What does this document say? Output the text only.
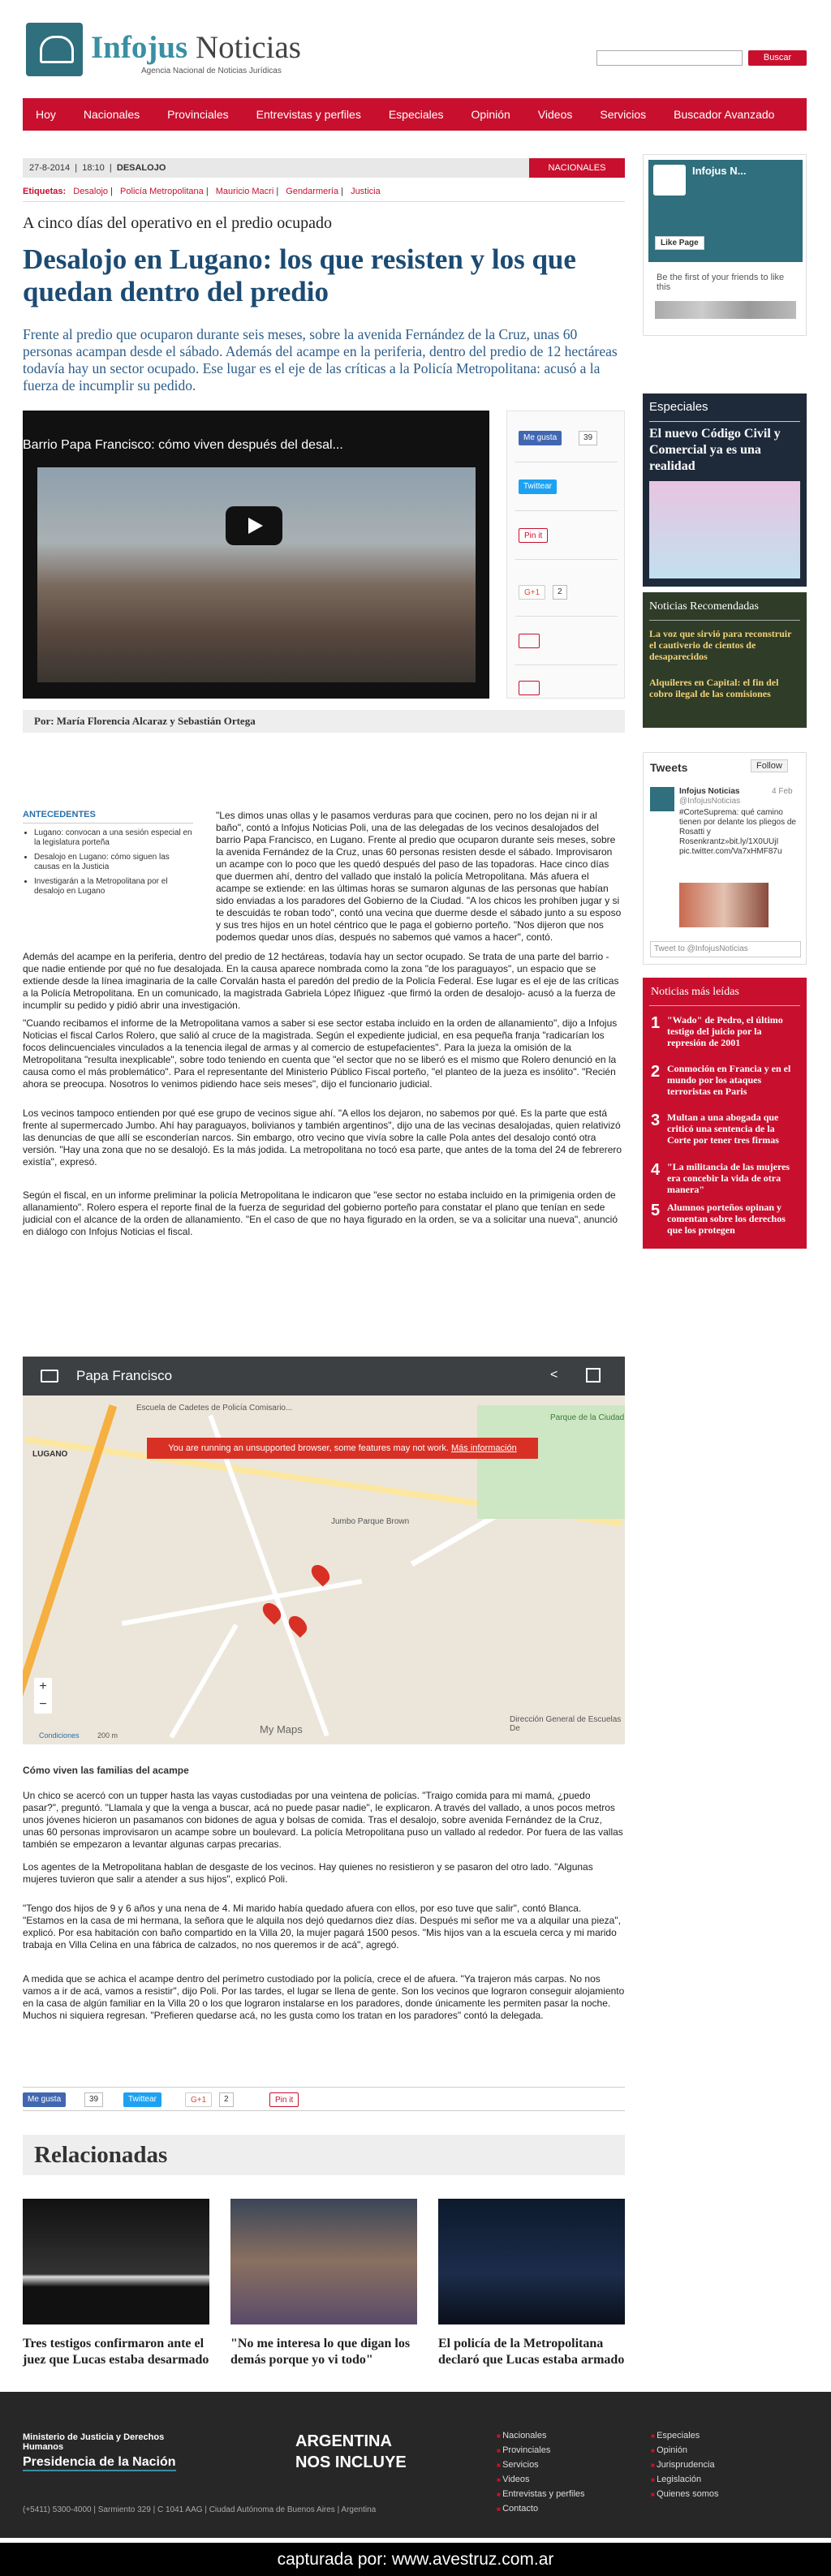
Infojus Noticias
Agencia Nacional de Noticias Jurídicas
Buscar
Hoy Nacionales Provinciales Entrevistas y perfiles Especiales Opinión Videos Servicios Buscador Avanzado
27-8-2014  |  18:10  |  DESALOJO	NACIONALES
Etiquetas: Desalojo | Policía Metropolitana | Mauricio Macri | Gendarmería | Justicia
A cinco días del operativo en el predio ocupado
Desalojo en Lugano: los que resisten y los que quedan dentro del predio
Frente al predio que ocuparon durante seis meses, sobre la avenida Fernández de la Cruz, unas 60 personas acampan desde el sábado. Además del acampe en la periferia, dentro del predio de 12 hectáreas todavía hay un sector ocupado. Ese lugar es el eje de las críticas a la Policía Metropolitana: acusó a la fuerza de incumplir su pedido.
Barrio Papa Francisco: cómo viven después del desal...
Me gusta	39
Twittear
Pin it
G+1	2
Por: María Florencia Alcaraz y Sebastián Ortega
ANTECEDENTES
• Lugano: convocan a una sesión especial en la legislatura porteña
• Desalojo en Lugano: cómo siguen las causas en la Justicia
• Investigarán a la Metropolitana por el desalojo en Lugano
"Les dimos unas ollas y le pasamos verduras para que cocinen, pero no los dejan ni ir al baño", contó a Infojus Noticias Poli, una de las delegadas de los vecinos desalojados del barrio Papa Francisco, en Lugano. Frente al predio que ocuparon durante seis meses, sobre la avenida Fernández de la Cruz, unas 60 personas resisten desde el sábado. Improvisaron un acampe con lo poco que les quedó después del paso de las topadoras. Hace cinco días que duermen ahí, dentro del vallado que instaló la policía Metropolitana. Más afuera el acampe se extiende: en las últimas horas se sumaron algunas de las personas que habían sido enviadas a los paradores del Gobierno de la Ciudad. "A los chicos les prohíben jugar y si te descuidás te roban todo", contó una vecina que duerme desde el sábado junto a su esposo y sus tres hijos en un hotel céntrico que le paga el gobierno porteño. "Nos dijeron que nos podemos quedar unos días, después no sabemos qué vamos a hacer", contó.
Además del acampe en la periferia, dentro del predio de 12 hectáreas, todavía hay un sector ocupado. Se trata de una parte del barrio -que nadie entiende por qué no fue desalojada. En la causa aparece nombrada como la zona "de los paraguayos", un espacio que se extiende desde la línea imaginaria de la calle Corvalán hasta el paredón del predio de la Policía Federal. Ese lugar es el eje de las críticas a la Policía Metropolitana. En un comunicado, la magistrada Gabriela López Iñiguez -que firmó la orden de desalojo- acusó a la fuerza de incumplir su pedido y pidió abrir una investigación.
"Cuando recibamos el informe de la Metropolitana vamos a saber si ese sector estaba incluido en la orden de allanamiento", dijo a Infojus Noticias el fiscal Carlos Rolero, que salió al cruce de la magistrada. Según el expediente judicial, en esa pequeña franja "radicarían los focos delincuenciales vinculados a la tenencia ilegal de armas y al comercio de estupefacientes". Para la jueza la omisión de la Metropolitana "resulta inexplicable", sobre todo teniendo en cuenta que "el sector que no se liberó es el mismo que Rolero denunció en la causa como el más problemático". Para el representante del Ministerio Público Fiscal porteño, "el planteo de la jueza es insólito". "Recién ahora se preocupa. Nosotros lo venimos pidiendo hace seis meses", dijo el funcionario judicial.
Los vecinos tampoco entienden por qué ese grupo de vecinos sigue ahí. "A ellos los dejaron, no sabemos por qué. Es la parte que está frente al supermercado Jumbo. Ahí hay paraguayos, bolivianos y también argentinos", dijo una de las vecinas desalojadas, quien relativizó las denuncias de que allí se esconderían narcos. Sin embargo, otro vecino que vivía sobre la calle Pola antes del desalojo contó otra versión. "Hay una zona que no se desalojó. Es la más jodida. La metropolitana no tocó esa parte, que antes de la toma del 24 de febrerero existía", expresó.
Según el fiscal, en un informe preliminar la policía Metropolitana le indicaron que "ese sector no estaba incluido en la primigenia orden de allanamiento". Rolero espera el reporte final de la fuerza de seguridad del gobierno porteño para constatar el plano que tenían en sede judicial con el alcance de la orden de allanamiento. "En el caso de que no haya figurado en la orden, se va a solicitar una nueva", anunció en diálogo con Infojus Noticias el fiscal.
Papa Francisco	<
You are running an unsupported browser, some features may not work. Más información
Escuela de Cadetes de Policía Comisario...
LUGANO
Jumbo Parque Brown
Parque de la Ciudad
Dirección General de Escuelas De
+
−
My Maps
Condiciones 200 m
Cómo viven las familias del acampe
Un chico se acercó con un tupper hasta las vayas custodiadas por una veintena de policías. "Traigo comida para mi mamá, ¿puedo pasar?", preguntó. "Llamala y que la venga a buscar, acá no puede pasar nadie", le explicaron. A través del vallado, a unos pocos metros unos jóvenes hicieron un pasamanos con bidones de agua y bolsas de comida. Tras el desalojo, sobre avenida Fernández de la Cruz, unas 60 personas improvisaron un acampe sobre un boulevard. La policía Metropolitana puso un vallado al rededor. Por fuera de las vallas también se empezaron a levantar algunas carpas precarias.
Los agentes de la Metropolitana hablan de desgaste de los vecinos. Hay quienes no resistieron y se pasaron del otro lado. "Algunas mujeres tuvieron que salir a atender a sus hijos", explicó Poli.
"Tengo dos hijos de 9 y 6 años y una nena de 4. Mi marido había quedado afuera con ellos, por eso tuve que salir", contó Blanca. "Estamos en la casa de mi hermana, la señora que le alquila nos dejó quedarnos diez días. Después mi señor me va a alquilar una pieza", explicó. Por esa habitación con baño compartido en la Villa 20, la mujer pagará 1500 pesos. "Mis hijos van a la escuela cerca y mi marido trabaja en Villa Celina en una fábrica de calzados, no nos queremos ir de acá", agregó.
A medida que se achica el acampe dentro del perímetro custodiado por la policía, crece el de afuera. "Ya trajeron más carpas. No nos vamos a ir de acá, vamos a resistir", dijo Poli. Por las tardes, el lugar se llena de gente. Son los vecinos que lograron conseguir alojamiento en la casa de algún familiar en la Villa 20 o los que lograron instalarse en los paradores, donde únicamente les permiten pasar la noche. Muchos ni siquiera regresan. "Prefieren quedarse acá, no les gusta como los tratan en los paradores" contó la delegada.
Me gusta	39	Twittear	G+1	2	Pin it
Relacionadas
Tres testigos confirmaron ante el juez que Lucas estaba desarmado
"No me interesa lo que digan los demás porque yo vi todo"
El policía de la Metropolitana declaró que Lucas estaba armado
Infojus N...
Like Page
Be the first of your friends to like this
Especiales
El nuevo Código Civil y Comercial ya es una realidad
Noticias Recomendadas
La voz que sirvió para reconstruir el cautiverio de cientos de desaparecidos
Alquileres en Capital: el fin del cobro ilegal de las comisiones
Tweets	Follow
Infojus Noticias	4 Feb
@InfojusNoticias
#CorteSuprema: qué camino tienen por delante los pliegos de Rosatti y Rosenkrantz»bit.ly/1X0UUjI pic.twitter.com/Va7xHMF87u
Tweet to @InfojusNoticias
Noticias más leídas
1 "Wado" de Pedro, el último testigo del juicio por la represión de 2001
2 Conmoción en Francia y en el mundo por los ataques terroristas en Paris
3 Multan a una abogada que criticó una sentencia de la Corte por tener tres firmas
4 "La militancia de las mujeres era concebir la vida de otra manera"
5 Alumnos porteños opinan y comentan sobre los derechos que los protegen
Ministerio de Justicia y Derechos Humanos
Presidencia de la Nación
ARGENTINA
NOS INCLUYE
(+5411) 5300-4000 | Sarmiento 329 | C 1041 AAG | Ciudad Autónoma de Buenos Aires | Argentina
■ Nacionales
■ Provinciales
■ Servicios
■ Videos
■ Entrevistas y perfiles
■ Contacto
■ Especiales
■ Opinión
■ Jurisprudencia
■ Legislación
■ Quienes somos
capturada por: www.avestruz.com.ar
